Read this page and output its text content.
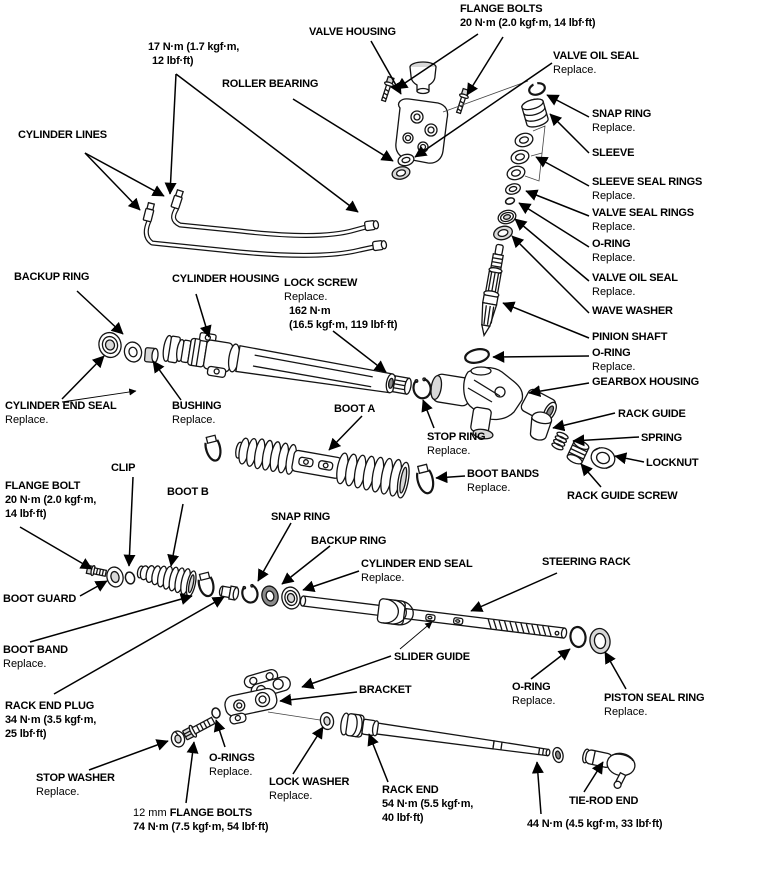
17 N·m (1.7 kgf·m,
12 lbf·ft)
VALVE HOUSING
FLANGE BOLTS
20 N·m (2.0 kgf·m, 14 lbf·ft)
ROLLER BEARING
VALVE OIL SEAL
Replace.
CYLINDER LINES
SNAP RING
Replace.
SLEEVE
SLEEVE SEAL RINGS
Replace.
VALVE SEAL RINGS
Replace.
O-RING
Replace.
VALVE OIL SEAL
Replace.
WAVE WASHER
BACKUP RING	CYLINDER HOUSING LOCK SCREW
Replace.
162 N·m
(16.5 kgf·m, 119 lbf·ft)
PINION SHAFT
O-RING
Replace.
GEARBOX HOUSING
CYLINDER END SEAL
Replace.
BUSHING
Replace.
BOOT A
STOP RING
Replace.
RACK GUIDE
SPRING
LOCKNUT
BOOT BANDS
Replace.
RACK GUIDE SCREW
CLIP
FLANGE BOLT
20 N·m (2.0 kgf·m,
14 lbf·ft)
BOOT B
SNAP RING
BACKUP RING
BOOT GUARD
CYLINDER END SEAL
Replace.
STEERING RACK
BOOT BAND
Replace.
SLIDER GUIDE
RACK END PLUG
34 N·m (3.5 kgf·m,
25 lbf·ft)
BRACKET	O-RING
Replace.	PISTON SEAL RING
Replace.
STOP WASHER
Replace.
O-RINGS
Replace.
LOCK WASHER
Replace.	RACK END
54 N·m (5.5 kgf·m,
40 lbf·ft)
12 mm FLANGE BOLTS
74 N·m (7.5 kgf·m, 54 lbf·ft)
TIE-ROD END
44 N·m (4.5 kgf·m, 33 lbf·ft)
